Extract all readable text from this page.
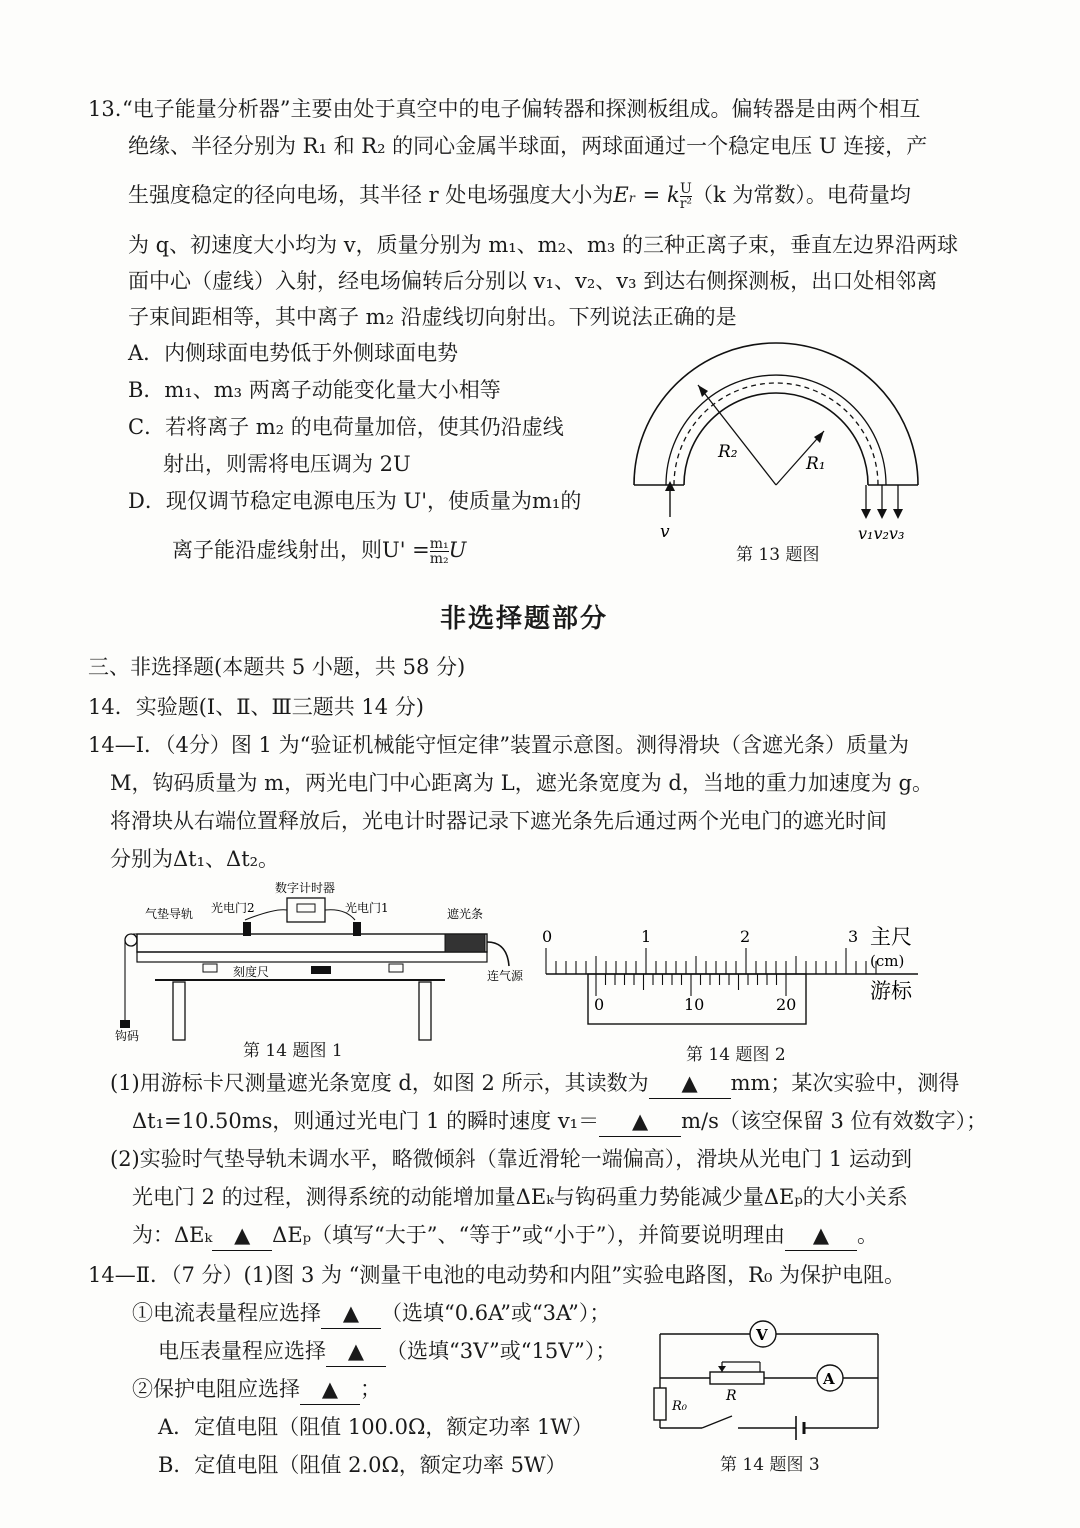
13. “电子能量分析器”主要由处于真空中的电子偏转器和探测板组成。偏转器是由两个相互
绝缘、半径分别为 R₁ 和 R₂ 的同心金属半球面，两球面通过一个稳定电压 U 连接，产
生强度稳定的径向电场，其半径 r 处电场强度大小为Eᵣ = k $\frac{U}{\text{r²}} (k$ 为常数）。电荷量均
为 q、初速度大小均为 v，质量分别为 m₁、m₂、m₃ 的三种正离子束，垂直左边界沿两球
面中心（虚线）入射，经电场偏转后分别以 v₁、v₂、v₃ 到达右侧探测板，出口处相邻离
子束间距相等，其中离子 m₂ 沿虚线切向射出。下列说法正确的是
A．内侧球面电势低于外侧球面电势
B．m₁、m₃ 两离子动能变化量大小相等
C．若将离子 m₂ 的电荷量加倍，使其仍沿虚线
射出，则需将电压调为 2U
D．现仅调节稳定电源电压为 U'，使质量为m₁的
离子能沿虚线射出，则$U' = \frac{\text{m₁}}{\text{m₂}}$ U
R₂
R₁
v	v₁v₂v₃
第 13 题图
非选择题部分
三、非选择题(本题共 5 小题，共 58 分)
14．实验题(Ⅰ、Ⅱ、Ⅲ三题共 14 分)
14—Ⅰ．（4分）图 1 为“验证机械能守恒定律”装置示意图。测得滑块（含遮光条）质量为
M，钩码质量为 m，两光电门中心距离为 L，遮光条宽度为 d，当地的重力加速度为 g。
将滑块从右端位置释放后，光电计时器记录下遮光条先后通过两个光电门的遮光时间
分别为Δt₁、Δt₂。
数字计时器
光电门2	光电门1	遮光条
气垫导轨
钩码
刻度尺	连气源
第 14 题图 1
0	1	2	3 主尺
(cm)
0	10	20
游标
第 14 题图 2
(1)用游标卡尺测量遮光条宽度 d，如图 2 所示，其读数为 ▲ mm；某次实验中，测得
Δt₁=10.50ms，则通过光电门 1 的瞬时速度 v₁＝ ▲ m/s（该空保留 3 位有效数字）；
(2)实验时气垫导轨未调水平，略微倾斜（靠近滑轮一端偏高），滑块从光电门 1 运动到
光电门 2 的过程，测得系统的动能增加量ΔEₖ与钩码重力势能减少量ΔEₚ的大小关系
为：ΔEₖ ▲ ΔEₚ（填写“大于”、“等于”或“小于”），并简要说明理由 ▲ 。
14—Ⅱ．（7 分）(1)图 3 为 “测量干电池的电动势和内阻”实验电路图，R₀ 为保护电阻。
①电流表量程应选择 ▲ （选填“0.6A”或“3A”）；
电压表量程应选择 ▲ （选填“3V”或“15V”）；
②保护电阻应选择 ▲ ；
A．定值电阻（阻值 100.0Ω，额定功率 1W）
B．定值电阻（阻值 2.0Ω，额定功率 5W）
V
R
A
R₀
第 14 题图 3
